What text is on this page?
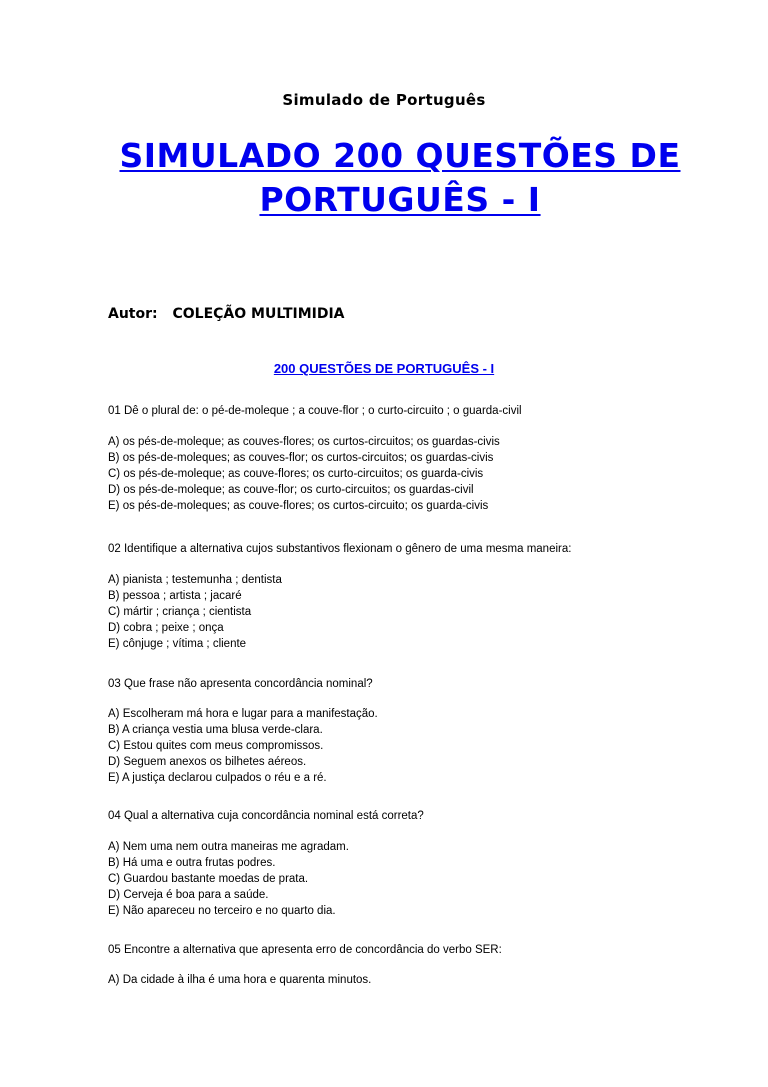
Simulado de Português
SIMULADO 200 QUESTÕES DE
PORTUGUÊS - I
Autor: COLEÇÃO MULTIMIDIA
200 QUESTÕES DE PORTUGUÊS - I
01 Dê o plural de: o pé-de-moleque ; a couve-flor ; o curto-circuito ; o guarda-civil
A) os pés-de-moleque; as couves-flores; os curtos-circuitos; os guardas-civis
B) os pés-de-moleques; as couves-flor; os curtos-circuitos; os guardas-civis
C) os pés-de-moleque; as couve-flores; os curto-circuitos; os guarda-civis
D) os pés-de-moleque; as couve-flor; os curto-circuitos; os guardas-civil
E) os pés-de-moleques; as couve-flores; os curtos-circuito; os guarda-civis
02 Identifique a alternativa cujos substantivos flexionam o gênero de uma mesma maneira:
A) pianista ; testemunha ; dentista
B) pessoa ; artista ; jacaré
C) mártir ; criança ; cientista
D) cobra ; peixe ; onça
E) cônjuge ; vítima ; cliente
03 Que frase não apresenta concordância nominal?
A) Escolheram má hora e lugar para a manifestação.
B) A criança vestia uma blusa verde-clara.
C) Estou quites com meus compromissos.
D) Seguem anexos os bilhetes aéreos.
E) A justiça declarou culpados o réu e a ré.
04 Qual a alternativa cuja concordância nominal está correta?
A) Nem uma nem outra maneiras me agradam.
B) Há uma e outra frutas podres.
C) Guardou bastante moedas de prata.
D) Cerveja é boa para a saúde.
E) Não apareceu no terceiro e no quarto dia.
05 Encontre a alternativa que apresenta erro de concordância do verbo SER:
A) Da cidade à ilha é uma hora e quarenta minutos.
